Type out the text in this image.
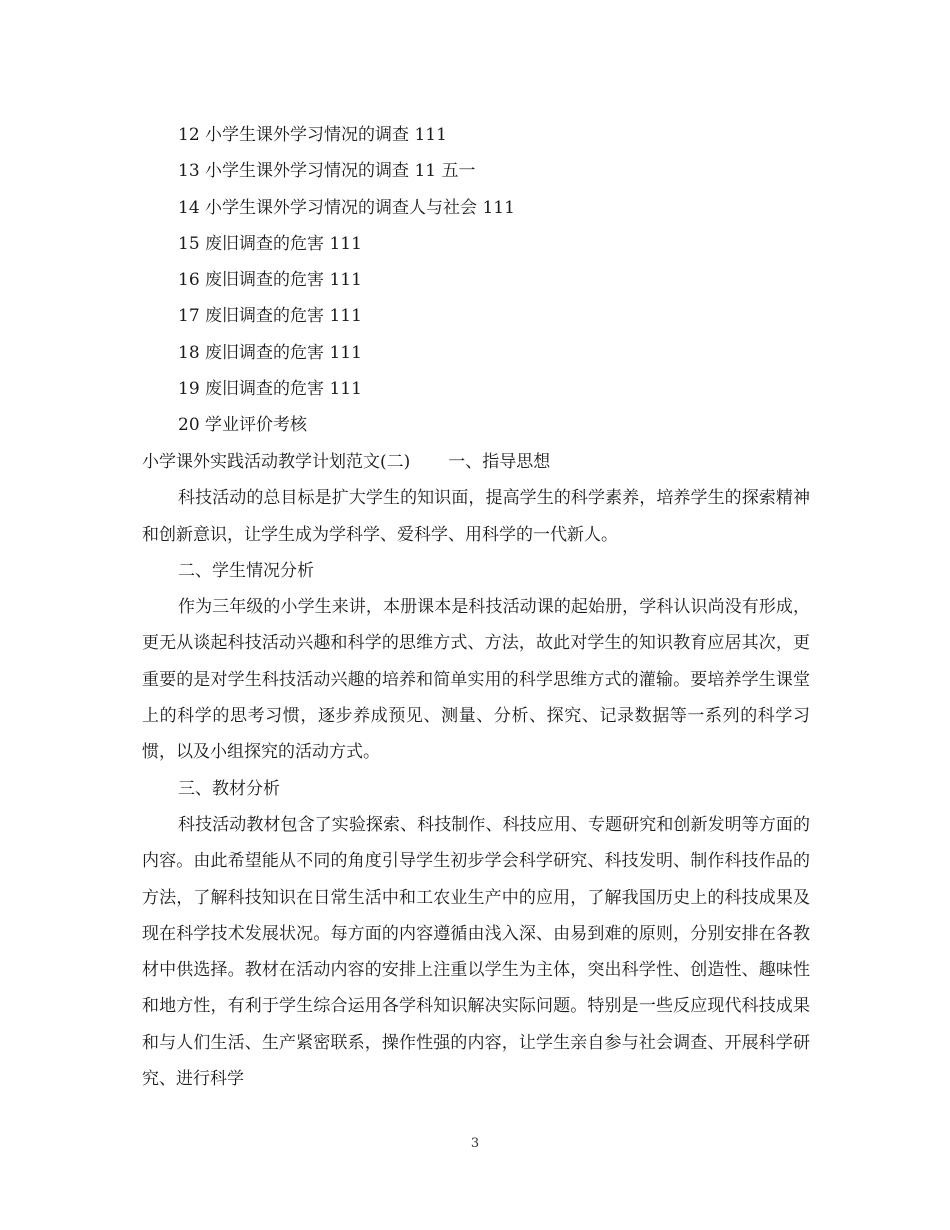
12 小学生课外学习情况的调查 111
13 小学生课外学习情况的调查 11 五一
14 小学生课外学习情况的调查人与社会 111
15 废旧调查的危害 111
16 废旧调查的危害 111
17 废旧调查的危害 111
18 废旧调查的危害 111
19 废旧调查的危害 111
20 学业评价考核
小学课外实践活动教学计划范文(二) 一、指导思想

科技活动的总目标是扩大学生的知识面，提高学生的科学素养，培养学生的探索精神和创新意识，让学生成为学科学、爱科学、用科学的一代新人。

二、学生情况分析

作为三年级的小学生来讲，本册课本是科技活动课的起始册，学科认识尚没有形成，更无从谈起科技活动兴趣和科学的思维方式、方法，故此对学生的知识教育应居其次，更重要的是对学生科技活动兴趣的培养和简单实用的科学思维方式的灌输。要培养学生课堂上的科学的思考习惯，逐步养成预见、测量、分析、探究、记录数据等一系列的科学习惯，以及小组探究的活动方式。

三、教材分析

科技活动教材包含了实验探索、科技制作、科技应用、专题研究和创新发明等方面的内容。由此希望能从不同的角度引导学生初步学会科学研究、科技发明、制作科技作品的方法，了解科技知识在日常生活中和工农业生产中的应用，了解我国历史上的科技成果及现在科学技术发展状况。每方面的内容遵循由浅入深、由易到难的原则，分别安排在各教材中供选择。教材在活动内容的安排上注重以学生为主体，突出科学性、创造性、趣味性和地方性，有利于学生综合运用各学科知识解决实际问题。特别是一些反应现代科技成果和与人们生活、生产紧密联系，操作性强的内容，让学生亲自参与社会调查、开展科学研究、进行科学

3
